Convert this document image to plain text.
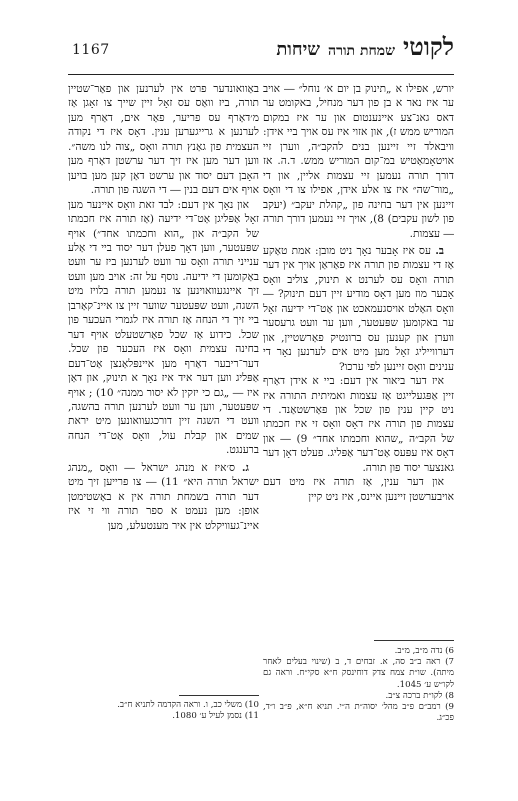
1167	לקוטישמחת תורהשיחות

יורש, אפילו א „תינוק בן יום א׳ נוחל״ ― אויב ער איז נאר א בן פון דער מנחיל, באקומט ער דאס גאנ־צע איינענטום און ער איז במקום המוריש ממש ז), און אזוי איז עס אויך ביי אידן: וויבאלד זיי זיינען בנים להקב״ה, ווערן זיי אויטאָמאַטיש במ־קום המוריש ממש. ד.ה. אז דורך תורה נעמען זיי עצמות אליין, און די „מור־שה״ איז צו אלע אידן, אפילו צו די וואָס זיינען אין דער בחינה פון „קהלת יעקב״ (יעקב פון לשון עקבים) 8), אויך זיי נעמען דורך תורה ― עצמות.

ב. עס איז אָבער נאָך ניט מובן: אמת טאַקע אַז די עצמות פון תורה איז פאַראַן אויך אין דער תורה וואָס עס לערנט א תינוק, צוליב וואָס אָבער מוז מען דאָס מודיע זיין דעם תינוק? ― וואָס האַלט אויסגעמאכט און אַט־די ידיעה זאָל ער באקומען שפּעטער, ווען ער וועט גרעסער ווערן און קענען עס ברונטיק פאַרשטיין, און דערווייליג זאָל מען מיט אים לערנען נאָר די ענינים וואָס זיינען לפי ערכו?

איז דער ביאור אין דעם: ביי א אידן דאַרף זיין אַפּגעלייגט אַז עצמות ואמיתית התורה איז ניט קיין ענין פון שכל און פאַרשטאַנד. די עצמות פון תורה איז דאָס וואָס זי איז חכמתו של הקב״ה „שהוא וחכמתו אחד״ 9) ― און דאָס איז עפּעס אַט־דער אַפּליג. פעלט דאָן דער גאנצער יסוד פון תורה.

און דער ענין, אַז תורה איז מיט דעם אויבערשטן זיינען איינס, איז ניט קיין

באַוואונדער פרט אין לערנען און פאַר־שטיין תורה, ביז וואַס עס זאָל זיין שייך צו זאָגן אַז מ׳דאַרף עס פריער, פאַר אים, דאַרף מען לערנען א גרייגערען ענין. דאָס איז די נקודה העצמית פון גאַנץ תורה וואָס „צוה לנו משה״. ווען דער מען איז זיך דער ערשטן דאַרף מען האָבן דעם יסוד און ערשט דאַן קען מען בויען אויף אים דעם בנין ― די השגה פון תורה.

און נאָך אין דעם: לבד זאת וואָס איינער מען זאָל אַפּליגן אַט־די ידיעה (אַז תורה איז חכמתו של הקב״ה און „הוא וחכמתו אחד״) אויף שפּעטער, ווען דאָך פעלן דער יסוד ביי די אַלע ענייני תורה וואָס ער וועט לערנען ביז ער וועט באַקומען די ידיעה. נוסף על זה: אויב מען וועט זיך איינגעוואוינען צו נעמען תורה בלויז מיט השגה, וועט שפּעטער שווער זיין צו איינ־קאַרבן ביי זיך די הנחה אַז תורה איז לגמרי העכער פון שכל. כידוע אַז שכל פאַרשטעלט אויף דער בחינה עצמית וואָס איז העכער פון שכל. דער־ריבער דאַרף מען איינפּלאַנצן אַט־דעם אַפּליג ווען דער איד איז נאָך א תינוק, און דאַן איז ― „גם כי יזקין לא יסור ממנה״ 10) ; אויף שפּעטער, ווען ער וועט לערנען תורה בהשגה, וועט די השגה זיין דורכגעוואונען מיט יראת שמים און קבלת עול, וואָס אַט־די הנחה ברענגט.

ג. ס׳איז א מנהג ישראל ― וואָס „מנהג ישראל תורה היא״ 11) ― צו פרייען זיך מיט דער תורה בשמחת תורה אין א באַשטימטן אופן: מען נעמט א ספר תורה ווי זי איז איינ־געוויקלט אין איר מענטעלע, מען

6) נדה מ״ב, מ״ב.
7) ראה ב״ב סה, א. זבחים ד, ב (שינוי בעלים לאחר מיתה). שו״ת צמח צדק דוחינסק ח״א סקי״ח. וראה גם לקו״ש ע׳ 1045.
8) לקו״ת ברכה צ״ב.
9) רמב״ם פ״ב מהל׳ יסוה״ת ה״י. תניא ח״א, פ״ב ו״ד, פכ״ג.
10) משלי כב, ו. וראה הקדמה לתניא ח״ב.
11) נסמן לעיל ע׳ 1080.
